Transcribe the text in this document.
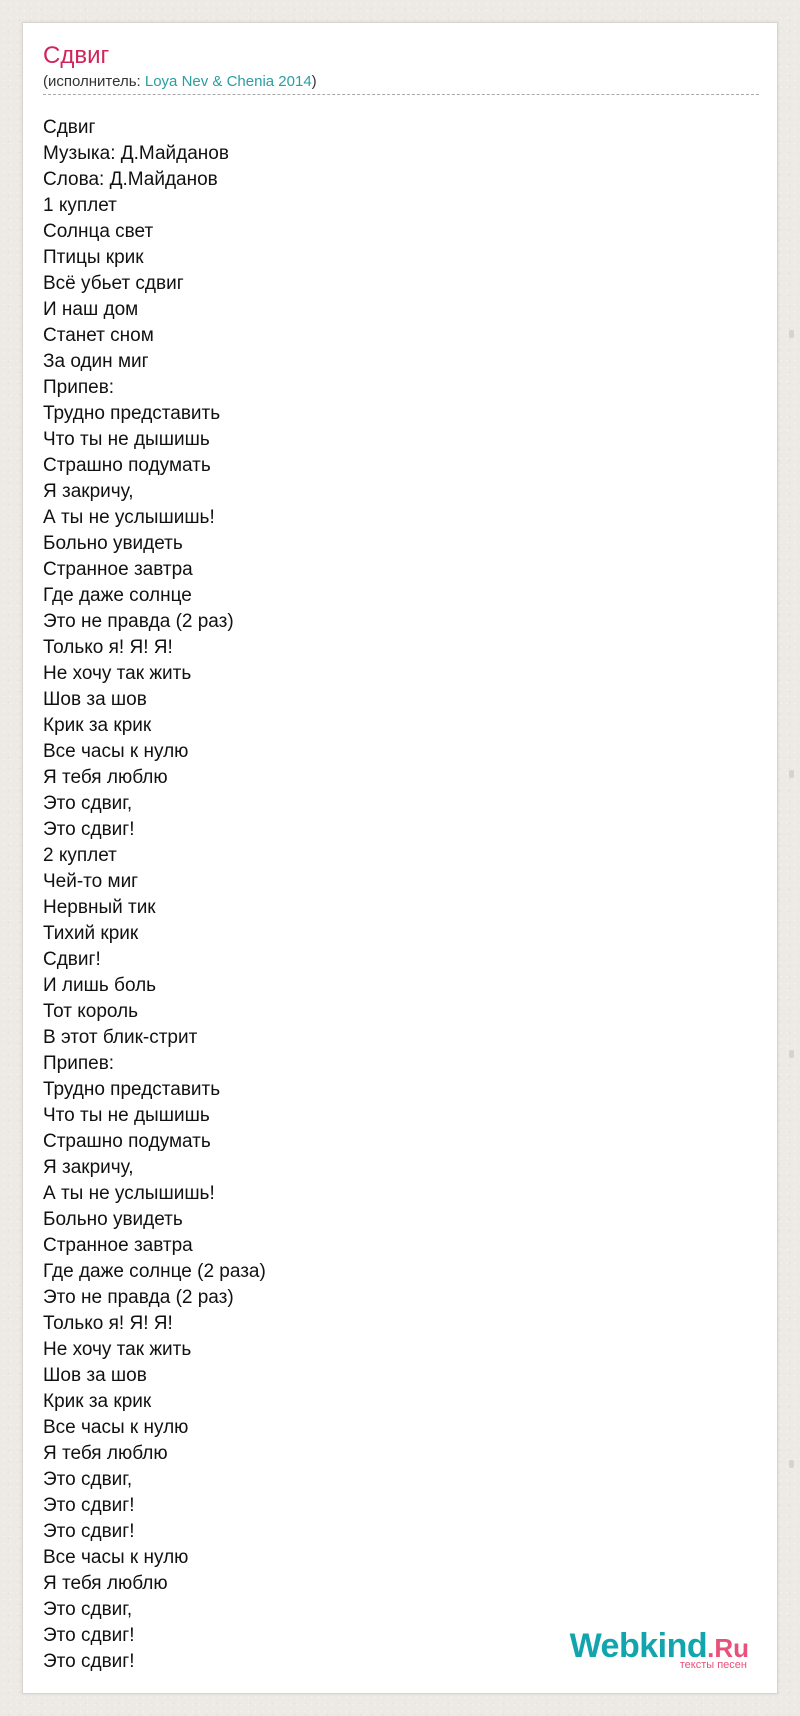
Сдвиг
(исполнитель: Loya Nev & Chenia 2014)
Сдвиг
Музыка: Д.Майданов
Слова: Д.Майданов
1 куплет
Солнца свет
Птицы крик
Всё убьет сдвиг
И наш дом
Станет сном
За один миг
Припев:
Трудно представить
Что ты не дышишь
Страшно подумать
Я закричу,
А ты не услышишь!
Больно увидеть
Странное завтра
Где даже солнце
Это не правда (2 раз)
Только я! Я! Я!
Не хочу так жить
Шов за шов
Крик за крик
Все часы к нулю
Я тебя люблю
Это сдвиг,
Это сдвиг!
2 куплет
Чей-то миг
Нервный тик
Тихий крик
Сдвиг!
И лишь боль
Тот король
В этот блик-стрит
Припев:
Трудно представить
Что ты не дышишь
Страшно подумать
Я закричу,
А ты не услышишь!
Больно увидеть
Странное завтра
Где даже солнце (2 раза)
Это не правда (2 раз)
Только я! Я! Я!
Не хочу так жить
Шов за шов
Крик за крик
Все часы к нулю
Я тебя люблю
Это сдвиг,
Это сдвиг!
Это сдвиг!
Все часы к нулю
Я тебя люблю
Это сдвиг,
Это сдвиг!
Это сдвиг!	Webkind.Ru
тексты песен
